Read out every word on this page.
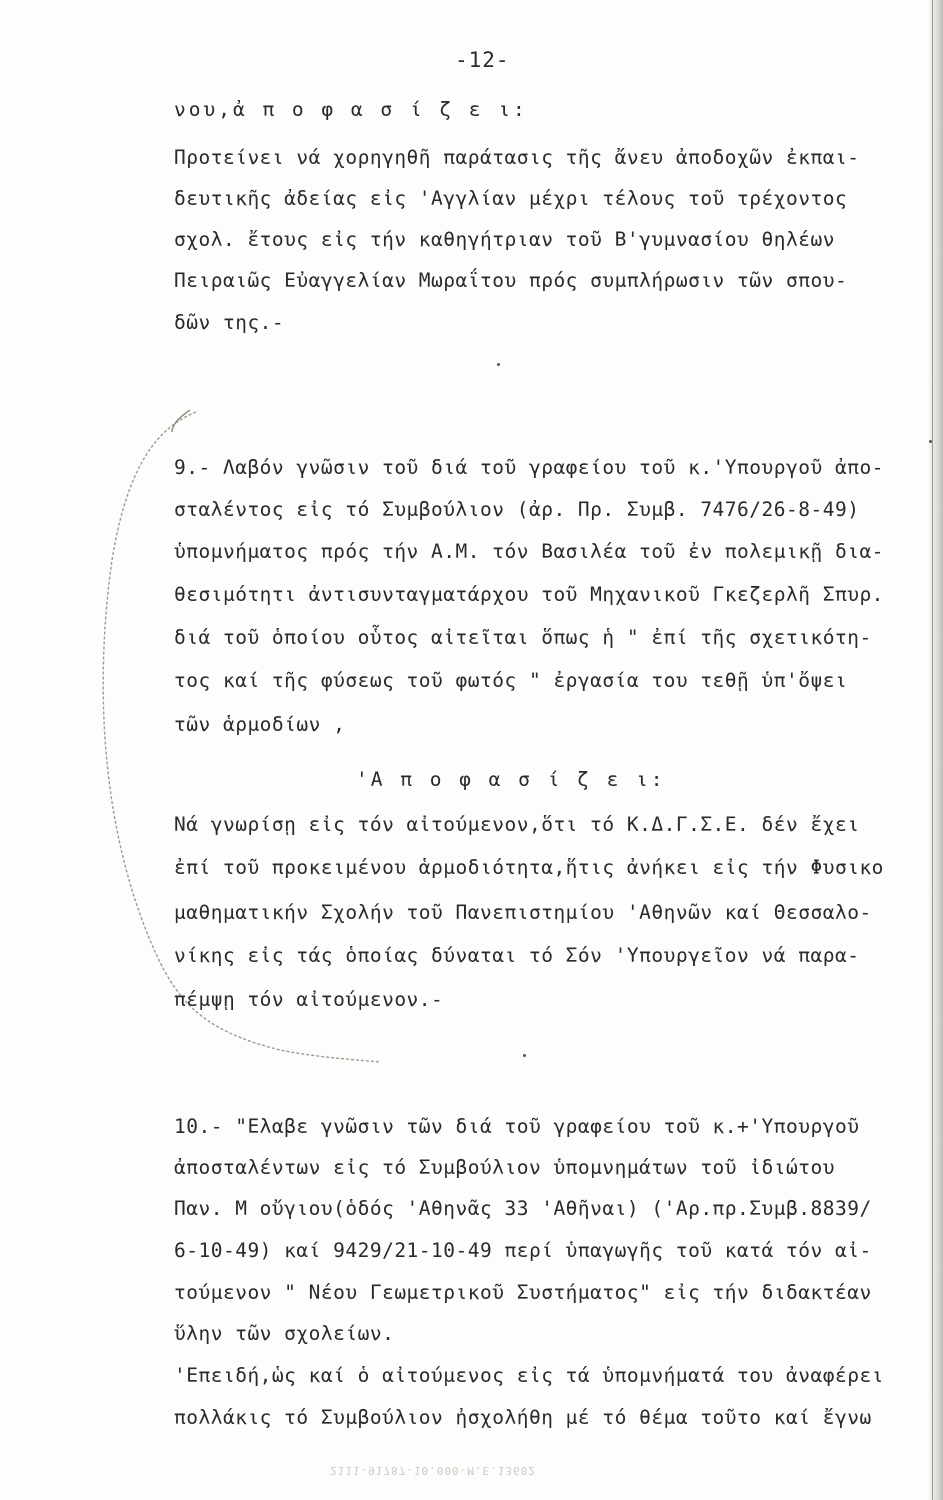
-12-
νου,ἀ π ο φ α σ ί ζ ε ι:
Προτείνει νά χορηγηθῆ παράτασις τῆς ἄνευ ἀποδοχῶν ἐκπαι-
δευτικῆς ἀδείας εἰς 'Αγγλίαν μέχρι τέλους τοῦ τρέχοντος
σχολ. ἔτους εἰς τήν καθηγήτριαν τοῦ Β'γυμνασίου θηλέων
Πειραιῶς Εὐαγγελίαν Μωραΐτου πρός συμπλήρωσιν τῶν σπου-
δῶν της.-
9.- Λαβόν γνῶσιν τοῦ διά τοῦ γραφείου τοῦ κ.'Υπουργοῦ ἀπο-
σταλέντος εἰς τό Συμβούλιον (ἀρ. Πρ. Συμβ. 7476/26-8-49)
ὑπομνήματος πρός τήν Α.Μ. τόν Βασιλέα τοῦ ἐν πολεμικῇ δια-
θεσιμότητι ἀντισυνταγματάρχου τοῦ Μηχανικοῦ Γκεζερλῆ Σπυρ.
διά τοῦ ὁποίου οὗτος αἰτεῖται ὅπως ἡ " ἐπί τῆς σχετικότη-
τος καί τῆς φύσεως τοῦ φωτός " ἐργασία του τεθῇ ὑπ'ὄψει
τῶν ἁρμοδίων ,
'Α π ο φ α σ ί ζ ε ι:
Νά γνωρίσῃ εἰς τόν αἰτούμενον,ὅτι τό Κ.Δ.Γ.Σ.Ε. δέν ἔχει
ἐπί τοῦ προκειμένου ἁρμοδιότητα,ἥτις ἀνήκει εἰς τήν Φυσικο
μαθηματικήν Σχολήν τοῦ Πανεπιστημίου 'Αθηνῶν καί Θεσσαλο-
νίκης εἰς τάς ὁποίας δύναται τό Σόν 'Υπουργεῖον νά παρα-
πέμψῃ τόν αἰτούμενον.-
10.- "Ελαβε γνῶσιν τῶν διά τοῦ γραφείου τοῦ κ.+'Υπουργοῦ
ἀποσταλέντων εἰς τό Συμβούλιον ὑπομνημάτων τοῦ ἰδιώτου
Παν. Μ οὔγιου(ὁδός 'Αθηνᾶς 33 'Αθῆναι) ('Αρ.πρ.Συμβ.8839/
6-10-49) καί 9429/21-10-49 περί ὑπαγωγῆς τοῦ κατά τόν αἰ-
τούμενον " Νέου Γεωμετρικοῦ Συστήματος" εἰς τήν διδακτέαν
ὕλην τῶν σχολείων.
'Επειδή,ὡς καί ὁ αἰτούμενος εἰς τά ὑπομνήματά του ἀναφέρει
πολλάκις τό Συμβούλιον ἠσχολήθη μέ τό θέμα τοῦτο καί ἔγνω
2111-91787-10.000-Μ.Ε.13602
